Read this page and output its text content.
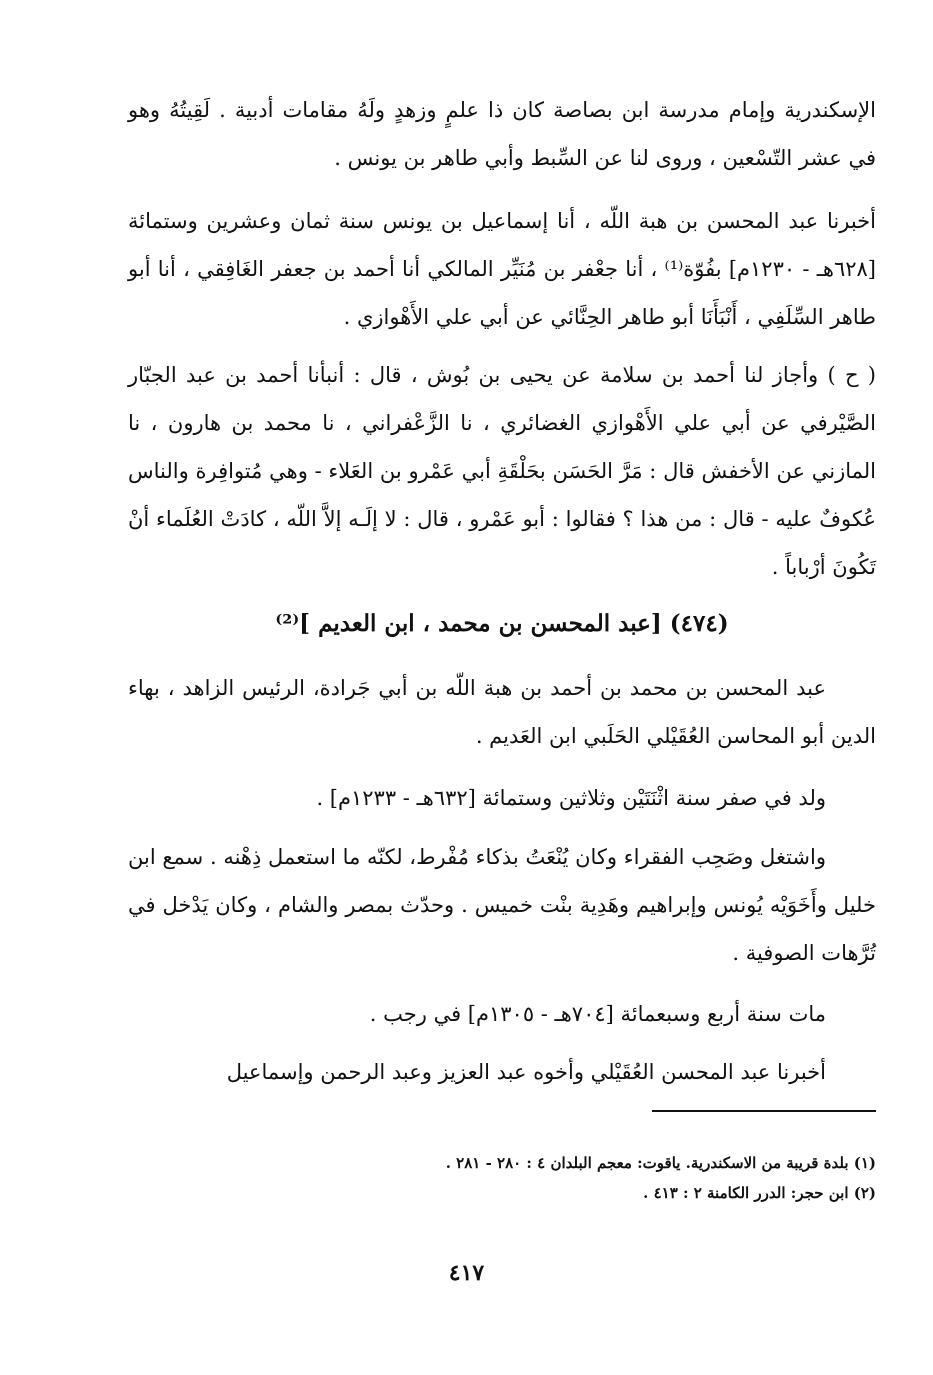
الإسكندرية وإمام مدرسة ابن بصاصة كان ذا علمٍ وزهدٍ ولَهُ مقامات أدبية . لَقِيتُهُ وهو في عشر التّسْعين ، وروى لنا عن السِّبط وأبي طاهر بن يونس .

أخبرنا عبد المحسن بن هبة اللّه ، أنا إسماعيل بن يونس سنة ثمان وعشرين وستمائة [٦٢٨هـ - ١٢٣٠م] بفُوّة⁽¹⁾ ، أنا جعْفر بن مُنَيِّر المالكي أنا أحمد بن جعفر الغَافِقي ، أنا أبو طاهر السِّلَفِي ، أَنْبَأَنَا أبو طاهر الحِنَّائي عن أبي علي الأَهْوازي .

( ح ) وأجاز لنا أحمد بن سلامة عن يحيى بن بُوش ، قال : أنبأنا أحمد بن عبد الجبّار الصَّيْرفي عن أبي علي الأَهْوازي الغضائري ، نا الزَّعْفراني ، نا محمد بن هارون ، نا المازني عن الأخفش قال : مَرَّ الحَسَن بحَلْقَةِ أبي عَمْرو بن العَلاء - وهي مُتوافِرة والناس عُكوفٌ عليه - قال : من هذا ؟ فقالوا : أبو عَمْرو ، قال : لا إلَـه إلاَّ اللّه ، كادَتْ العُلَماء أنْ تَكُونَ أرْباباً .

(٤٧٤) [عبد المحسن بن محمد ، ابن العديم ]⁽²⁾

عبد المحسن بن محمد بن أحمد بن هبة اللّه بن أبي جَرادة، الرئيس الزاهد ، بهاء الدين أبو المحاسن العُقَيْلي الحَلَبي ابن العَديم .

ولد في صفر سنة اثْنَتَيْن وثلاثين وستمائة [٦٣٢هـ - ١٢٣٣م] .

واشتغل وصَحِب الفقراء وكان يُنْعَتُ بذكاء مُفْرط، لكنّه ما استعمل ذِهْنه . سمع ابن خليل وأَخَوَيْه يُونس وإبراهيم وهَدِية بنْت خميس . وحدّث بمصر والشام ، وكان يَدْخل في تُرَّهات الصوفية .

مات سنة أربع وسبعمائة [٧٠٤هـ - ١٣٠٥م] في رجب .

أخبرنا عبد المحسن العُقَيْلي وأخوه عبد العزيز وعبد الرحمن وإسماعيل

(١) بلدة قريبة من الاسكندرية. ياقوت: معجم البلدان ٤ : ٢٨٠ - ٢٨١ .

(٢) ابن حجر: الدرر الكامنة ٢ : ٤١٣ .

٤١٧
